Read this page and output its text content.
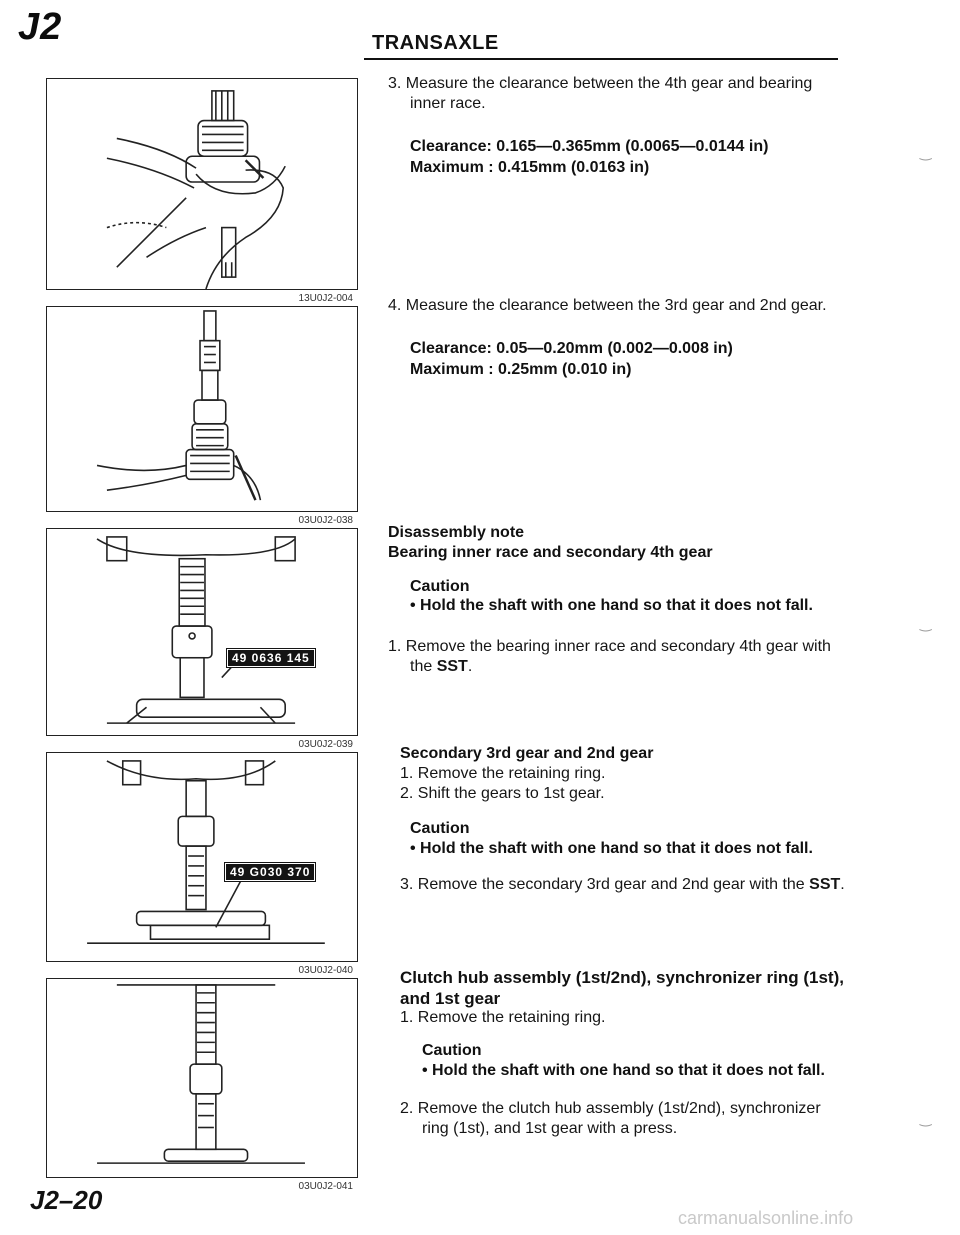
J2	TRANSAXLE
13U0J2-004
03U0J2-038
49 0636 145
03U0J2-039
49 G030 370
03U0J2-040
03U0J2-041
3. Measure the clearance between the 4th gear and bearing
inner race.
Clearance: 0.165—0.365mm (0.0065—0.0144 in)
Maximum : 0.415mm (0.0163 in)
4. Measure the clearance between the 3rd gear and 2nd gear.
Clearance: 0.05—0.20mm (0.002—0.008 in)
Maximum : 0.25mm (0.010 in)
Disassembly note
Bearing inner race and secondary 4th gear
Caution
• Hold the shaft with one hand so that it does not fall.
1. Remove the bearing inner race and secondary 4th gear with
the SST.
Secondary 3rd gear and 2nd gear
1. Remove the retaining ring.
2. Shift the gears to 1st gear.
Caution
• Hold the shaft with one hand so that it does not fall.
3. Remove the secondary 3rd gear and 2nd gear with the SST.
Clutch hub assembly (1st/2nd), synchronizer ring (1st),
and 1st gear
1. Remove the retaining ring.
Caution
• Hold the shaft with one hand so that it does not fall.
2. Remove the clutch hub assembly (1st/2nd), synchronizer
ring (1st), and 1st gear with a press.
‿
‿
‿
J2–20
carmanualsonline.info
